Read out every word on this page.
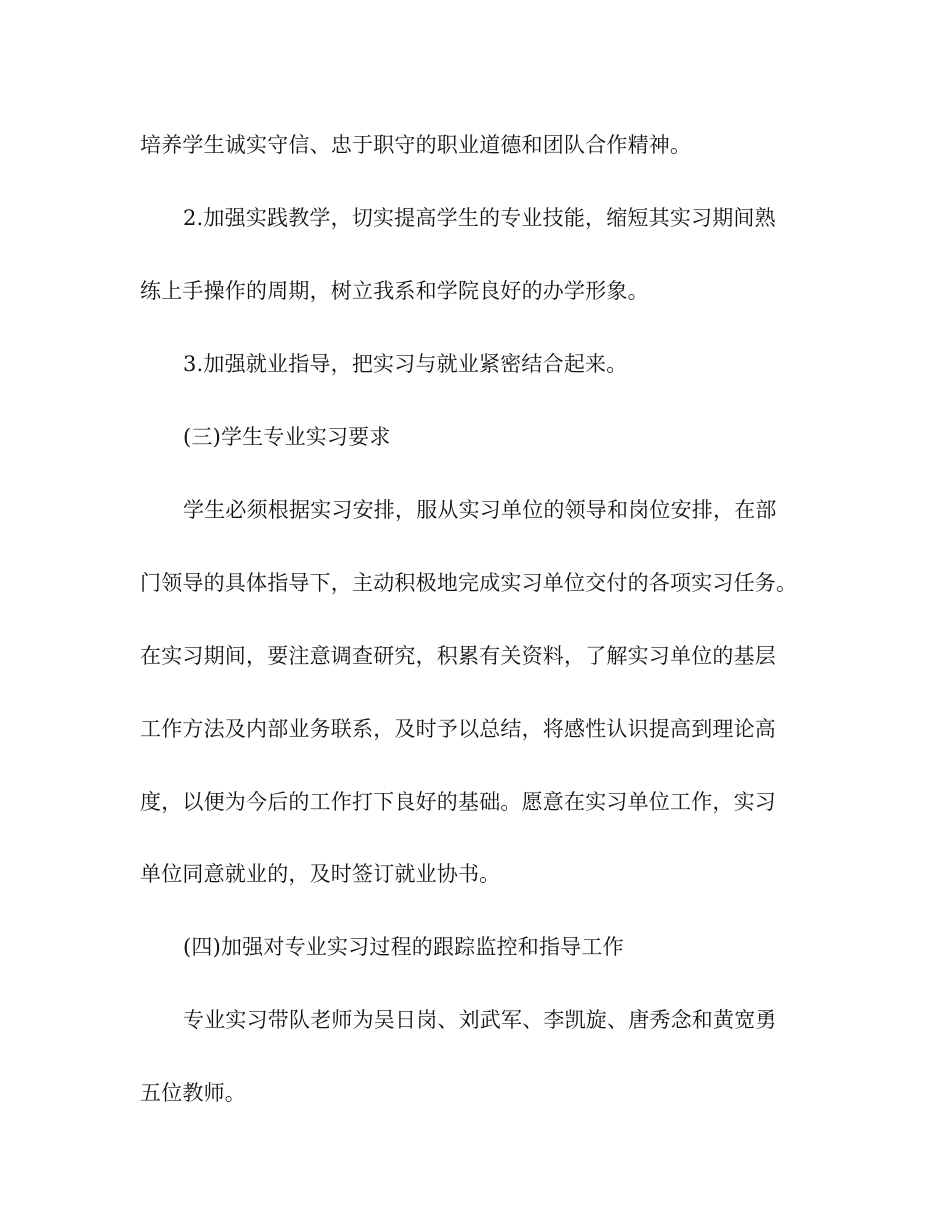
培养学生诚实守信、忠于职守的职业道德和团队合作精神。
2.加强实践教学，切实提高学生的专业技能，缩短其实习期间熟
练上手操作的周期，树立我系和学院良好的办学形象。
3.加强就业指导，把实习与就业紧密结合起来。
(三)学生专业实习要求
学生必须根据实习安排，服从实习单位的领导和岗位安排，在部
门领导的具体指导下，主动积极地完成实习单位交付的各项实习任务。
在实习期间，要注意调查研究，积累有关资料，了解实习单位的基层
工作方法及内部业务联系，及时予以总结，将感性认识提高到理论高
度，以便为今后的工作打下良好的基础。愿意在实习单位工作，实习
单位同意就业的，及时签订就业协书。
(四)加强对专业实习过程的跟踪监控和指导工作
专业实习带队老师为吴日岗、刘武军、李凯旋、唐秀念和黄宽勇
五位教师。
